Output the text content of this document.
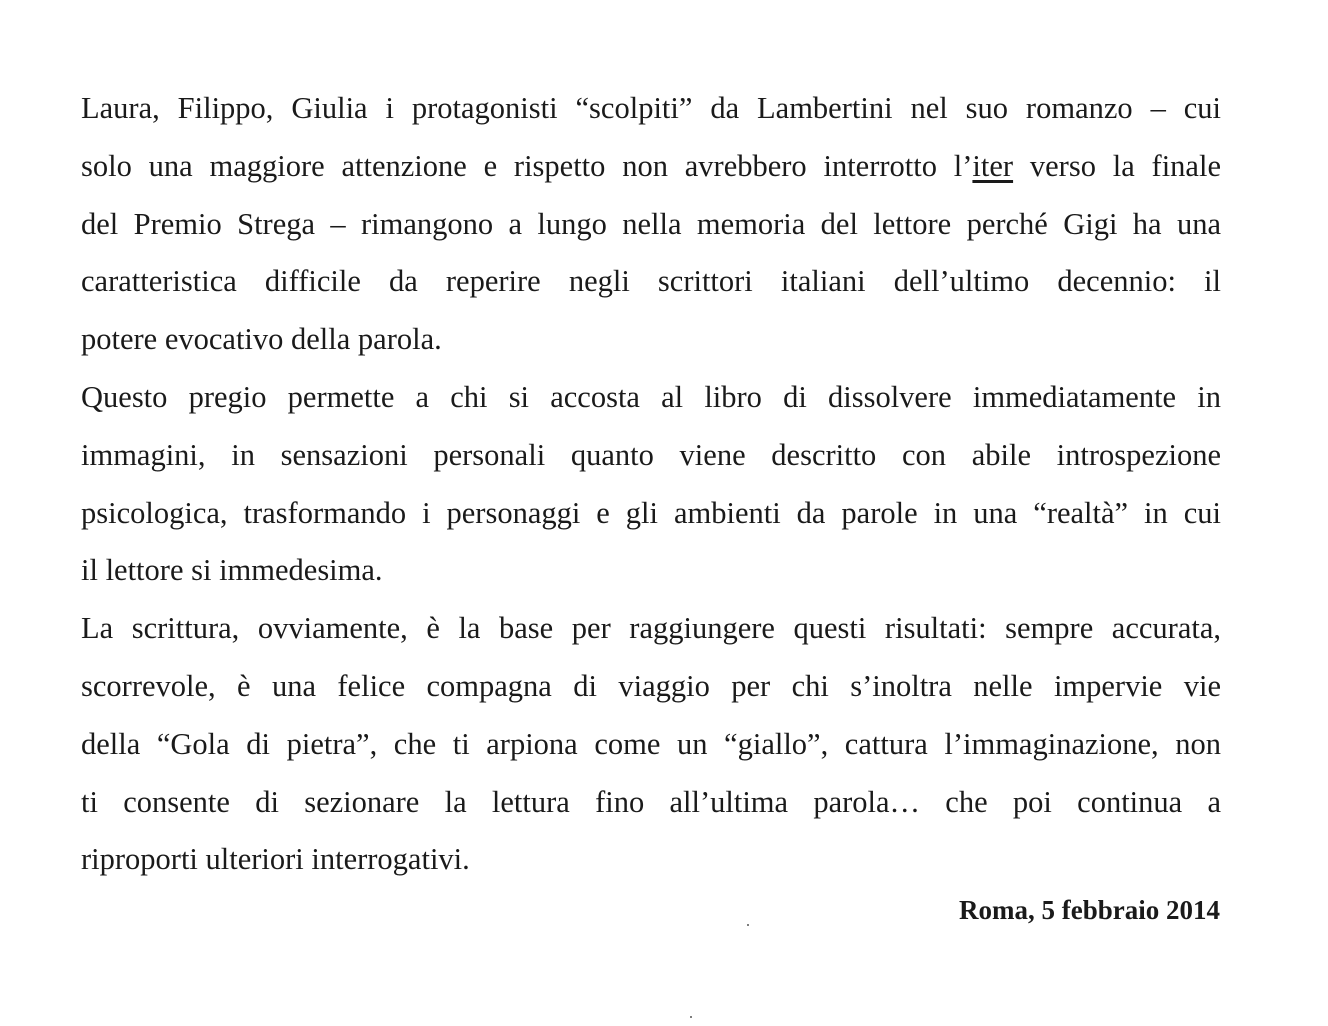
Laura, Filippo, Giulia i protagonisti “scolpiti” da Lambertini nel suo romanzo – cui
solo una maggiore attenzione e rispetto non avrebbero interrotto l’iter verso la finale
del Premio Strega – rimangono a lungo nella memoria del lettore perché Gigi ha una
caratteristica difficile da reperire negli scrittori italiani dell’ultimo decennio: il
potere evocativo della parola.
Questo pregio permette a chi si accosta al libro di dissolvere immediatamente in
immagini, in sensazioni personali quanto viene descritto con abile introspezione
psicologica, trasformando i personaggi e gli ambienti da parole in una “realtà” in cui
il lettore si immedesima.
La scrittura, ovviamente, è la base per raggiungere questi risultati: sempre accurata,
scorrevole, è una felice compagna di viaggio per chi s’inoltra nelle impervie vie
della “Gola di pietra”, che ti arpiona come un “giallo”, cattura l’immaginazione, non
ti consente di sezionare la lettura fino all’ultima parola… che poi continua a
riproporti ulteriori interrogativi.
Roma, 5 febbraio 2014
